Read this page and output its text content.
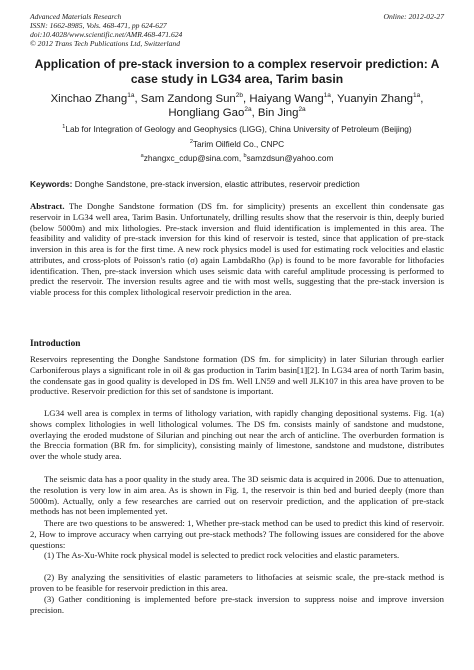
Advanced Materials Research
ISSN: 1662-8985, Vols. 468-471, pp 624-627
doi:10.4028/www.scientific.net/AMR.468-471.624
© 2012 Trans Tech Publications Ltd, Switzerland
Online: 2012-02-27
Application of pre-stack inversion to a complex reservoir prediction: A case study in LG34 area, Tarim basin
Xinchao Zhang$^{1a}$, Sam Zandong Sun$^{2b}$, Haiyang Wang$^{1a}$, Yuanyin Zhang$^{1a}$,
Hongliang Gao$^{2a}$, Bin Jing$^{2a}$
$^1$Lab for Integration of Geology and Geophysics (LIGG), China University of Petroleum (Beijing)
$^2$Tarim Oilfield Co., CNPC
$^a$zhangxc_cdup@sina.com, $^b$samzdsun@yahoo.com
Keywords: Donghe Sandstone, pre-stack inversion, elastic attributes, reservoir prediction

Abstract. The Donghe Sandstone formation (DS fm. for simplicity) presents an excellent thin condensate gas reservoir in LG34 well area, Tarim Basin. Unfortunately, drilling results show that the reservoir is thin, deeply buried (below 5000m) and mix lithologies. Pre-stack inversion and fluid identification is implemented in this area. The feasibility and validity of pre-stack inversion for this kind of reservoir is tested, since that application of pre-stack inversion in this area is for the first time. A new rock physics model is used for estimating rock velocities and elastic attributes, and cross-plots of Poisson's ratio (σ) again LambdaRho (λρ) is found to be more favorable for lithofacies identification. Then, pre-stack inversion which uses seismic data with careful amplitude processing is performed to predict the reservoir. The inversion results agree and tie with most wells, suggesting that the pre-stack inversion is viable process for this complex lithological reservoir prediction in the area.

Introduction

Reservoirs representing the Donghe Sandstone formation (DS fm. for simplicity) in later Silurian through earlier Carboniferous plays a significant role in oil & gas production in Tarim basin[1][2]. In LG34 area of north Tarim basin, the condensate gas in good quality is developed in DS fm. Well LN59 and well JLK107 in this area have proven to be productive. Reservoir prediction for this set of sandstone is important.

LG34 well area is complex in terms of lithology variation, with rapidly changing depositional systems. Fig. 1(a) shows complex lithologies in well lithological volumes. The DS fm. consists mainly of sandstone and mudstone, overlaying the eroded mudstone of Silurian and pinching out near the arch of anticline. The overburden formation is the Breccia formation (BR fm. for simplicity), consisting mainly of limestone, sandstone and mudstone, distributes over the whole study area.

The seismic data has a poor quality in the study area. The 3D seismic data is acquired in 2006. Due to attenuation, the resolution is very low in aim area. As is shown in Fig. 1, the reservoir is thin bed and buried deeply (more than 5000m). Actually, only a few researches are carried out on reservoir prediction, and the application of pre-stack methods has not been implemented yet.

There are two questions to be answered: 1, Whether pre-stack method can be used to predict this kind of reservoir. 2, How to improve accuracy when carrying out pre-stack methods? The following issues are considered for the above questions:

(1) The As-Xu-White rock physical model is selected to predict rock velocities and elastic parameters.

(2) By analyzing the sensitivities of elastic parameters to lithofacies at seismic scale, the pre-stack method is proven to be feasible for reservoir prediction in this area.

(3) Gather conditioning is implemented before pre-stack inversion to suppress noise and improve inversion precision.
